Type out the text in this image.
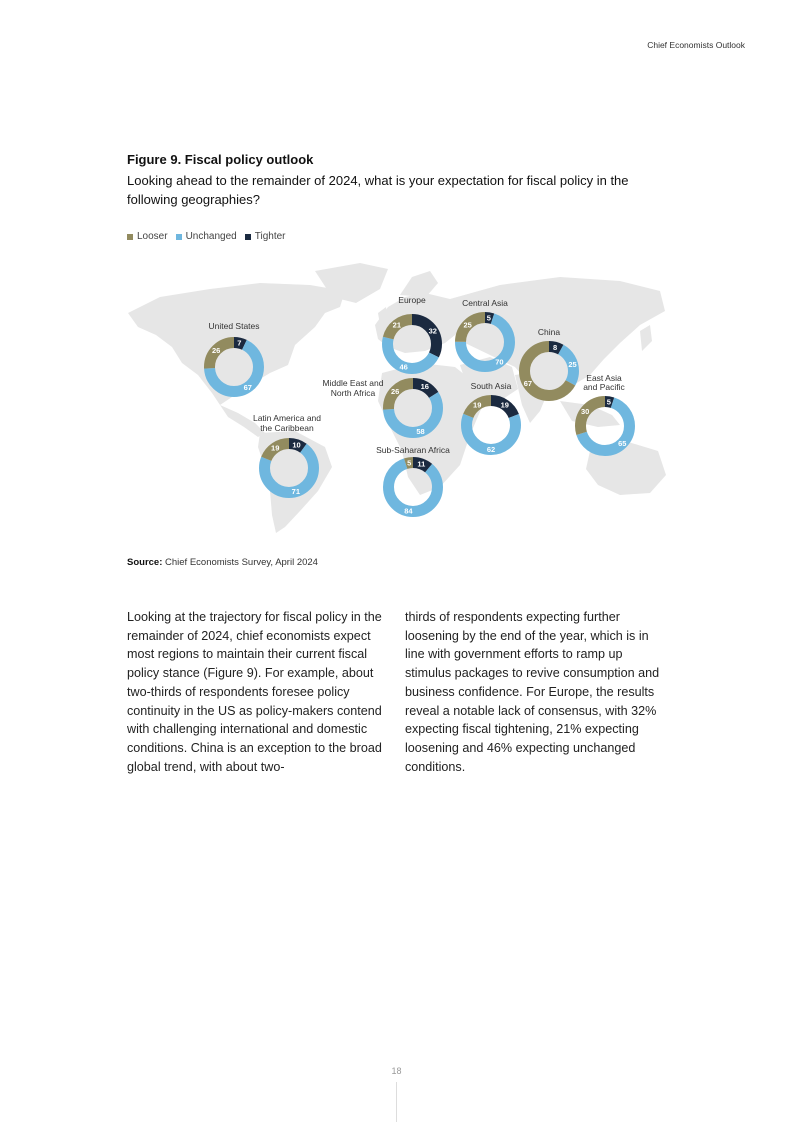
Chief Economists Outlook
Figure 9. Fiscal policy outlook
Looking ahead to the remainder of 2024, what is your expectation for fiscal policy in the following geographies?
Looser Unchanged Tighter
7
67
26
32
46
21
5
70
25
8
25
67
16
58
26
19
62
19	5
65
30
10
71
19
11
84
5
United States
Europe	Central Asia
China
Middle East and
North Africa
South Asia
East Asia
and Pacific
Latin America and
the Caribbean
Sub-Saharan Africa
Source: Chief Economists Survey, April 2024
Looking at the trajectory for fiscal policy in the remainder of 2024, chief economists expect most regions to maintain their current fiscal policy stance (Figure 9). For example, about two-thirds of respondents foresee policy continuity in the US as policy-makers contend with challenging international and domestic conditions. China is an exception to the broad global trend, with about two-
thirds of respondents expecting further loosening by the end of the year, which is in line with government efforts to ramp up stimulus packages to revive consumption and business confidence. For Europe, the results reveal a notable lack of consensus, with 32% expecting fiscal tightening, 21% expecting loosening and 46% expecting unchanged conditions.
18
